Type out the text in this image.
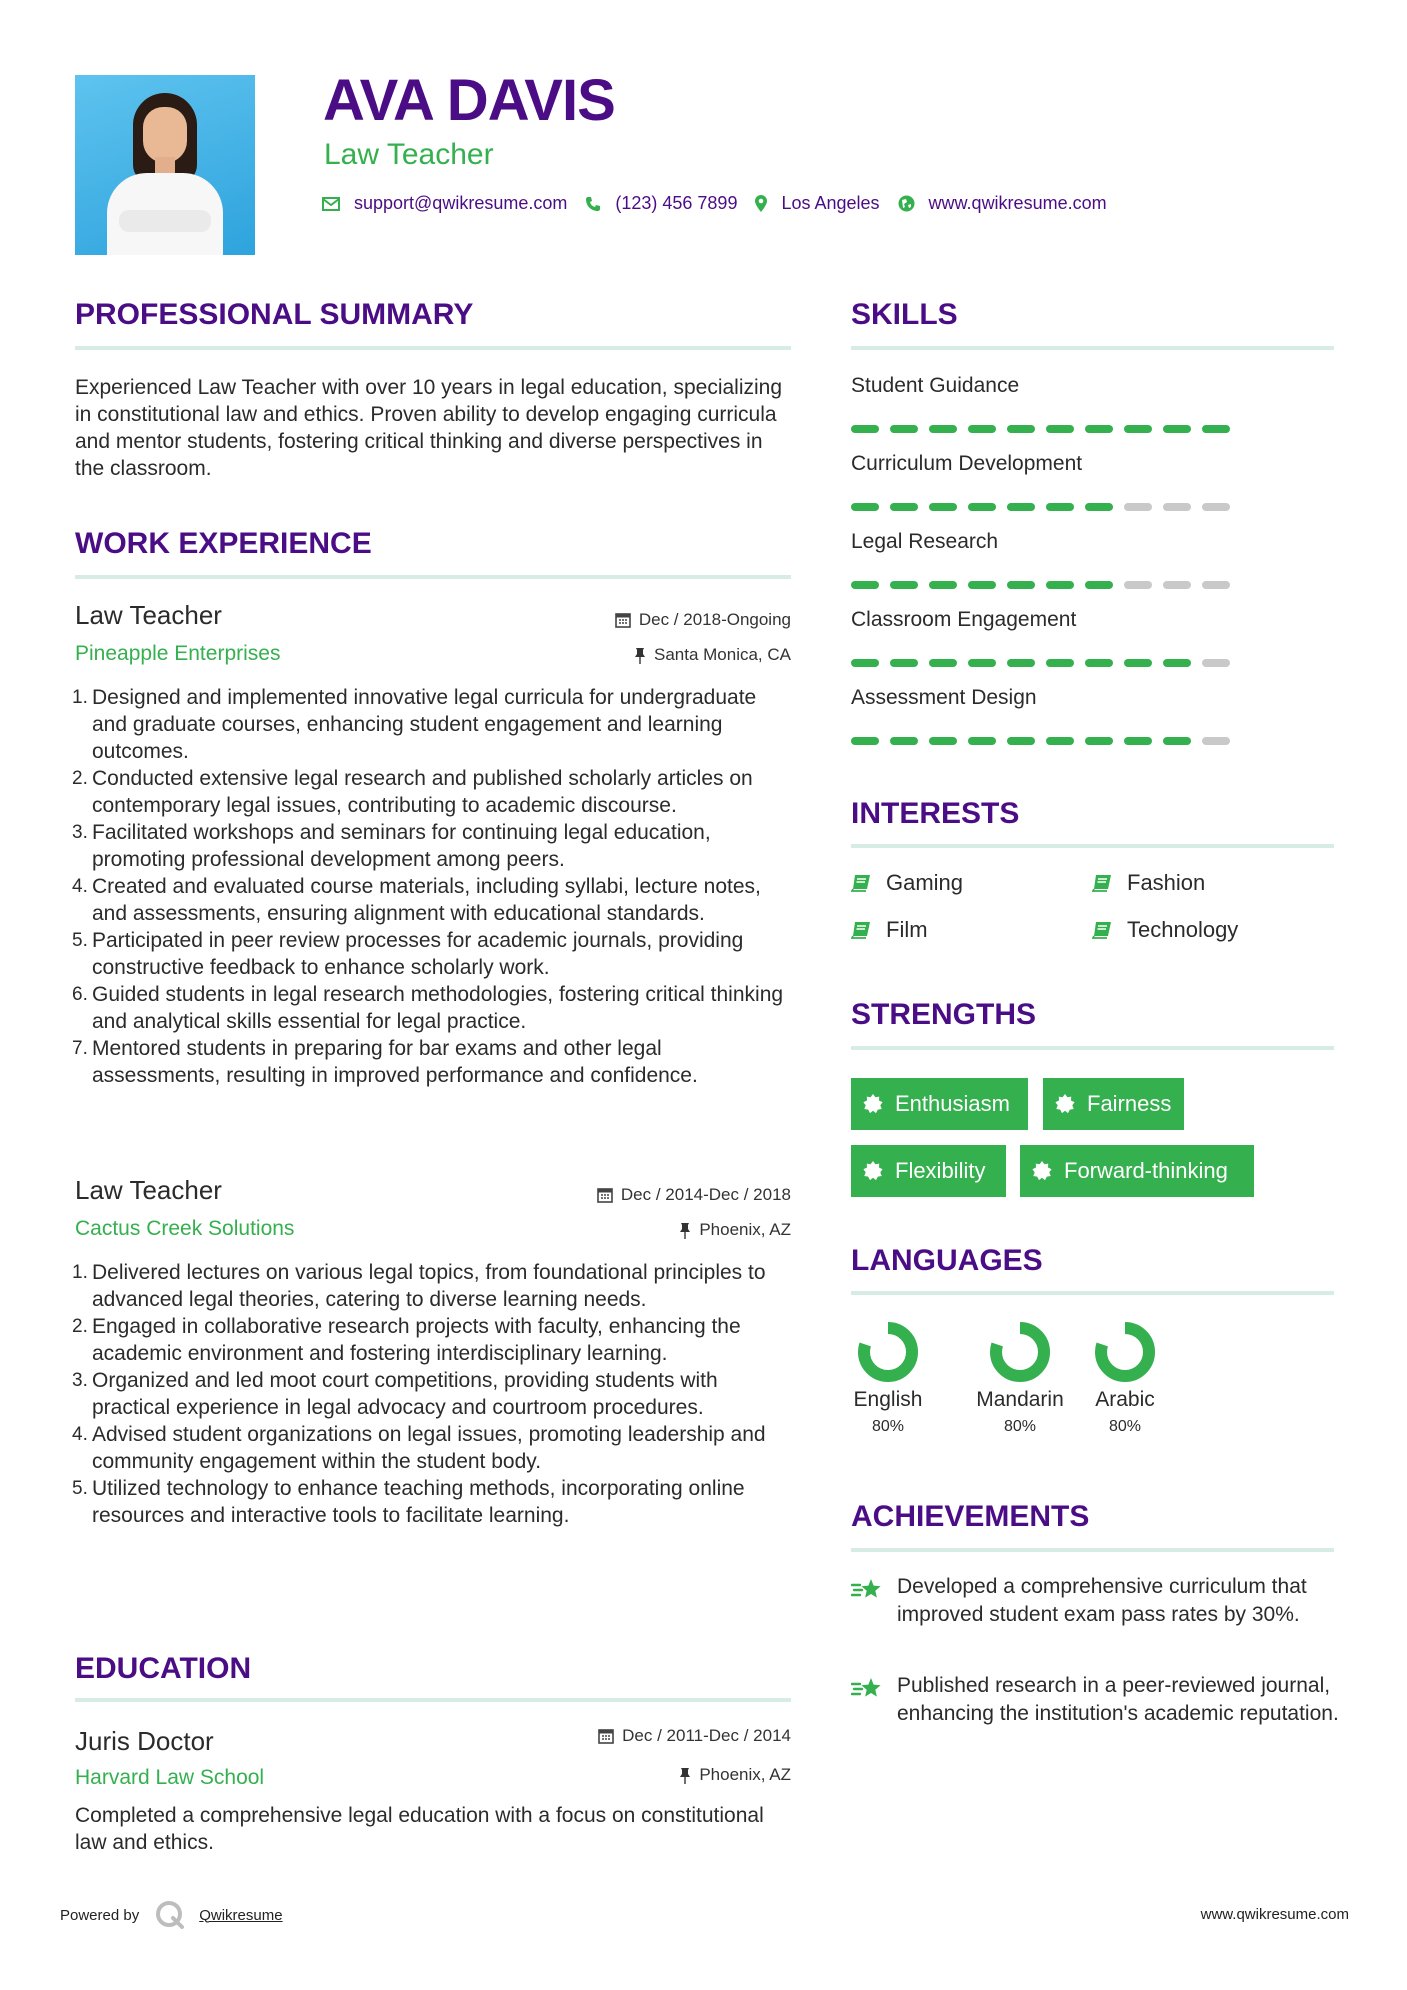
AVA DAVIS
Law Teacher
support@qwikresume.com	(123) 456 7899 Los Angeles	www.qwikresume.com
PROFESSIONAL SUMMARY

Experienced Law Teacher with over 10 years in legal education, specializing in constitutional law and ethics. Proven ability to develop engaging curricula and mentor students, fostering critical thinking and diverse perspectives in the classroom.

WORK EXPERIENCE
Law Teacher	Dec / 2018-Ongoing
Pineapple Enterprises	Santa Monica, CA
Designed and implemented innovative legal curricula for undergraduate and graduate courses, enhancing student engagement and learning outcomes.
Conducted extensive legal research and published scholarly articles on contemporary legal issues, contributing to academic discourse.
Facilitated workshops and seminars for continuing legal education, promoting professional development among peers.
Created and evaluated course materials, including syllabi, lecture notes, and assessments, ensuring alignment with educational standards.
Participated in peer review processes for academic journals, providing constructive feedback to enhance scholarly work.
Guided students in legal research methodologies, fostering critical thinking and analytical skills essential for legal practice.
Mentored students in preparing for bar exams and other legal assessments, resulting in improved performance and confidence.
Law Teacher	Dec / 2014-Dec / 2018
Cactus Creek Solutions	Phoenix, AZ
Delivered lectures on various legal topics, from foundational principles to advanced legal theories, catering to diverse learning needs.
Engaged in collaborative research projects with faculty, enhancing the academic environment and fostering interdisciplinary learning.
Organized and led moot court competitions, providing students with practical experience in legal advocacy and courtroom procedures.
Advised student organizations on legal issues, promoting leadership and community engagement within the student body.
Utilized technology to enhance teaching methods, incorporating online resources and interactive tools to facilitate learning.
EDUCATION
Juris Doctor	Dec / 2011-Dec / 2014
Harvard Law School	Phoenix, AZ

Completed a comprehensive legal education with a focus on constitutional law and ethics.

SKILLS
Student Guidance
Curriculum Development
Legal Research
Classroom Engagement
Assessment Design
INTERESTS
Gaming	Fashion
Film	Technology
STRENGTHS
Enthusiasm	Fairness
Flexibility	Forward-thinking
LANGUAGES
English
80%
Mandarin
80%
Arabic
80%
ACHIEVEMENTS

Developed a comprehensive curriculum that improved student exam pass rates by 30%.

Published research in a peer-reviewed journal, enhancing the institution's academic reputation.

Powered by	Qwikresume	www.qwikresume.com
